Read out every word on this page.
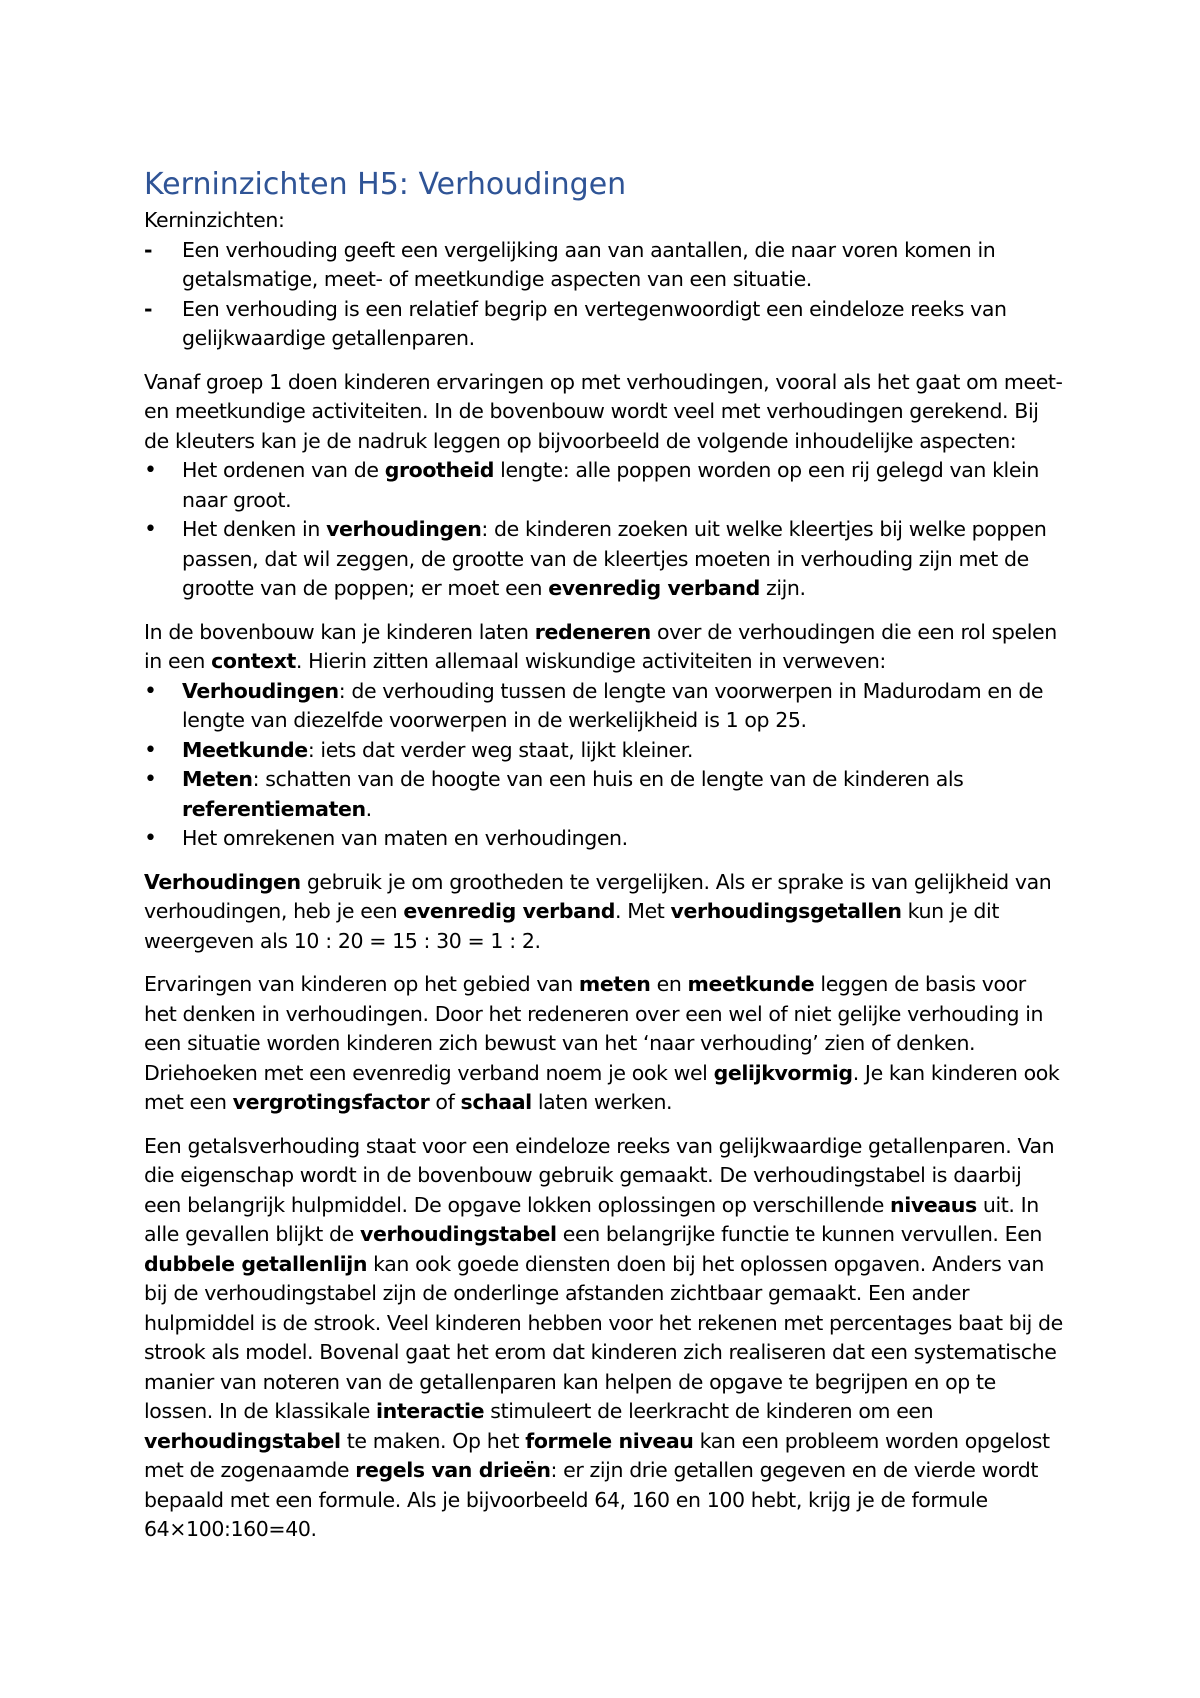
Kerninzichten H5: Verhoudingen
Kerninzichten:
-	Een verhouding geeft een vergelijking aan van aantallen, die naar voren komen in getalsmatige, meet- of meetkundige aspecten van een situatie.
-	Een verhouding is een relatief begrip en vertegenwoordigt een eindeloze reeks van gelijkwaardige getallenparen.

Vanaf groep 1 doen kinderen ervaringen op met verhoudingen, vooral als het gaat om meet- en meetkundige activiteiten. In de bovenbouw wordt veel met verhoudingen gerekend. Bij de kleuters kan je de nadruk leggen op bijvoorbeeld de volgende inhoudelijke aspecten:

•	Het ordenen van de grootheid lengte: alle poppen worden op een rij gelegd van klein naar groot.
•	Het denken in verhoudingen: de kinderen zoeken uit welke kleertjes bij welke poppen passen, dat wil zeggen, de grootte van de kleertjes moeten in verhouding zijn met de grootte van de poppen; er moet een evenredig verband zijn.

In de bovenbouw kan je kinderen laten redeneren over de verhoudingen die een rol spelen in een context. Hierin zitten allemaal wiskundige activiteiten in verweven:

•	Verhoudingen: de verhouding tussen de lengte van voorwerpen in Madurodam en de lengte van diezelfde voorwerpen in de werkelijkheid is 1 op 25.
•	Meetkunde: iets dat verder weg staat, lijkt kleiner.
•	Meten: schatten van de hoogte van een huis en de lengte van de kinderen als referentiematen.
•	Het omrekenen van maten en verhoudingen.

Verhoudingen gebruik je om grootheden te vergelijken. Als er sprake is van gelijkheid van verhoudingen, heb je een evenredig verband. Met verhoudingsgetallen kun je dit weergeven als 10 : 20 = 15 : 30 = 1 : 2.

Ervaringen van kinderen op het gebied van meten en meetkunde leggen de basis voor het denken in verhoudingen. Door het redeneren over een wel of niet gelijke verhouding in een situatie worden kinderen zich bewust van het ‘naar verhouding’ zien of denken. Driehoeken met een evenredig verband noem je ook wel gelijkvormig. Je kan kinderen ook met een vergrotingsfactor of schaal laten werken.

Een getalsverhouding staat voor een eindeloze reeks van gelijkwaardige getallenparen. Van die eigenschap wordt in de bovenbouw gebruik gemaakt. De verhoudingstabel is daarbij een belangrijk hulpmiddel. De opgave lokken oplossingen op verschillende niveaus uit. In alle gevallen blijkt de verhoudingstabel een belangrijke functie te kunnen vervullen. Een dubbele getallenlijn kan ook goede diensten doen bij het oplossen opgaven. Anders van bij de verhoudingstabel zijn de onderlinge afstanden zichtbaar gemaakt. Een ander hulpmiddel is de strook. Veel kinderen hebben voor het rekenen met percentages baat bij de strook als model. Bovenal gaat het erom dat kinderen zich realiseren dat een systematische manier van noteren van de getallenparen kan helpen de opgave te begrijpen en op te lossen. In de klassikale interactie stimuleert de leerkracht de kinderen om een verhoudingstabel te maken. Op het formele niveau kan een probleem worden opgelost met de zogenaamde regels van drieën: er zijn drie getallen gegeven en de vierde wordt bepaald met een formule. Als je bijvoorbeeld 64, 160 en 100 hebt, krijg je de formule 64×100:160=40.
